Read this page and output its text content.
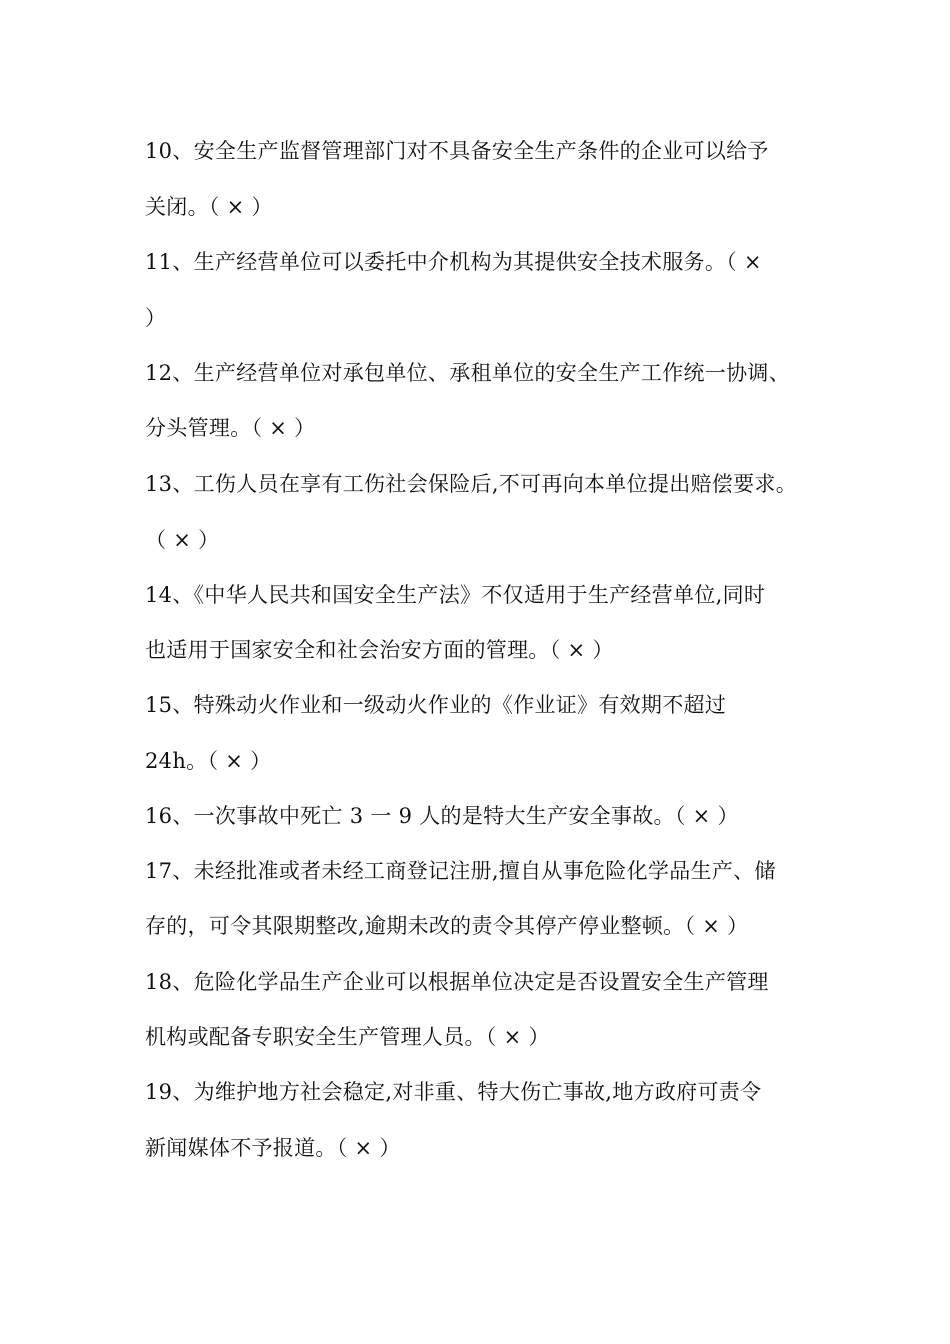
10、安全生产监督管理部门对不具备安全生产条件的企业可以给予
关闭。（ × ）
11、生产经营单位可以委托中介机构为其提供安全技术服务。（ ×
）
12、生产经营单位对承包单位、承租单位的安全生产工作统一协调、
分头管理。（ × ）
13、工伤人员在享有工伤社会保险后,不可再向本单位提出赔偿要求。
（ × ）
14、《中华人民共和国安全生产法》不仅适用于生产经营单位,同时
也适用于国家安全和社会治安方面的管理。（ × ）
15、特殊动火作业和一级动火作业的《作业证》有效期不超过
24h。（ × ）
16、一次事故中死亡 3 一 9 人的是特大生产安全事故。（ × ）
17、未经批准或者未经工商登记注册,擅自从事危险化学品生产、储
存的，可令其限期整改,逾期未改的责令其停产停业整顿。（ × ）
18、危险化学品生产企业可以根据单位决定是否设置安全生产管理
机构或配备专职安全生产管理人员。（ × ）
19、为维护地方社会稳定,对非重、特大伤亡事故,地方政府可责令
新闻媒体不予报道。（ × ）
